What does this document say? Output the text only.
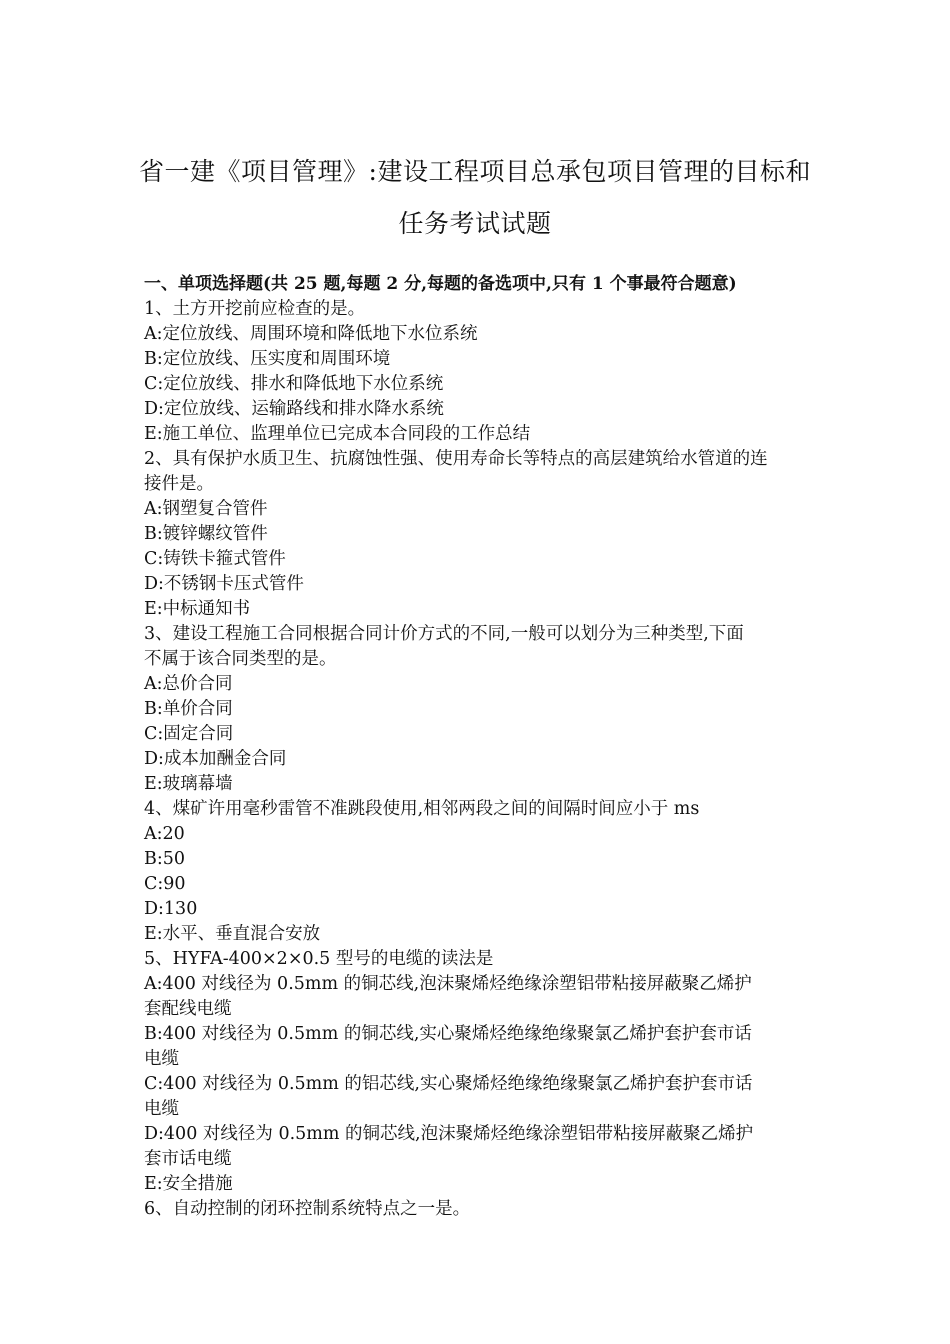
省一建《项目管理》:建设工程项目总承包项目管理的目标和
任务考试试题

一、单项选择题(共 25 题,每题 2 分,每题的备选项中,只有 1 个事最符合题意)

1、土方开挖前应检查的是。

A:定位放线、周围环境和降低地下水位系统

B:定位放线、压实度和周围环境

C:定位放线、排水和降低地下水位系统

D:定位放线、运输路线和排水降水系统

E:施工单位、监理单位已完成本合同段的工作总结

2、具有保护水质卫生、抗腐蚀性强、使用寿命长等特点的高层建筑给水管道的连

接件是。

A:钢塑复合管件

B:镀锌螺纹管件

C:铸铁卡箍式管件

D:不锈钢卡压式管件

E:中标通知书

3、建设工程施工合同根据合同计价方式的不同,一般可以划分为三种类型,下面

不属于该合同类型的是。

A:总价合同

B:单价合同

C:固定合同

D:成本加酬金合同

E:玻璃幕墙

4、煤矿许用毫秒雷管不准跳段使用,相邻两段之间的间隔时间应小于 ms

A:20

B:50

C:90

D:130

E:水平、垂直混合安放

5、HYFA-400×2×0.5 型号的电缆的读法是

A:400 对线径为 0.5mm 的铜芯线,泡沫聚烯烃绝缘涂塑铝带粘接屏蔽聚乙烯护

套配线电缆

B:400 对线径为 0.5mm 的铜芯线,实心聚烯烃绝缘绝缘聚氯乙烯护套护套市话

电缆

C:400 对线径为 0.5mm 的铝芯线,实心聚烯烃绝缘绝缘聚氯乙烯护套护套市话

电缆

D:400 对线径为 0.5mm 的铜芯线,泡沫聚烯烃绝缘涂塑铝带粘接屏蔽聚乙烯护

套市话电缆

E:安全措施

6、自动控制的闭环控制系统特点之一是。
